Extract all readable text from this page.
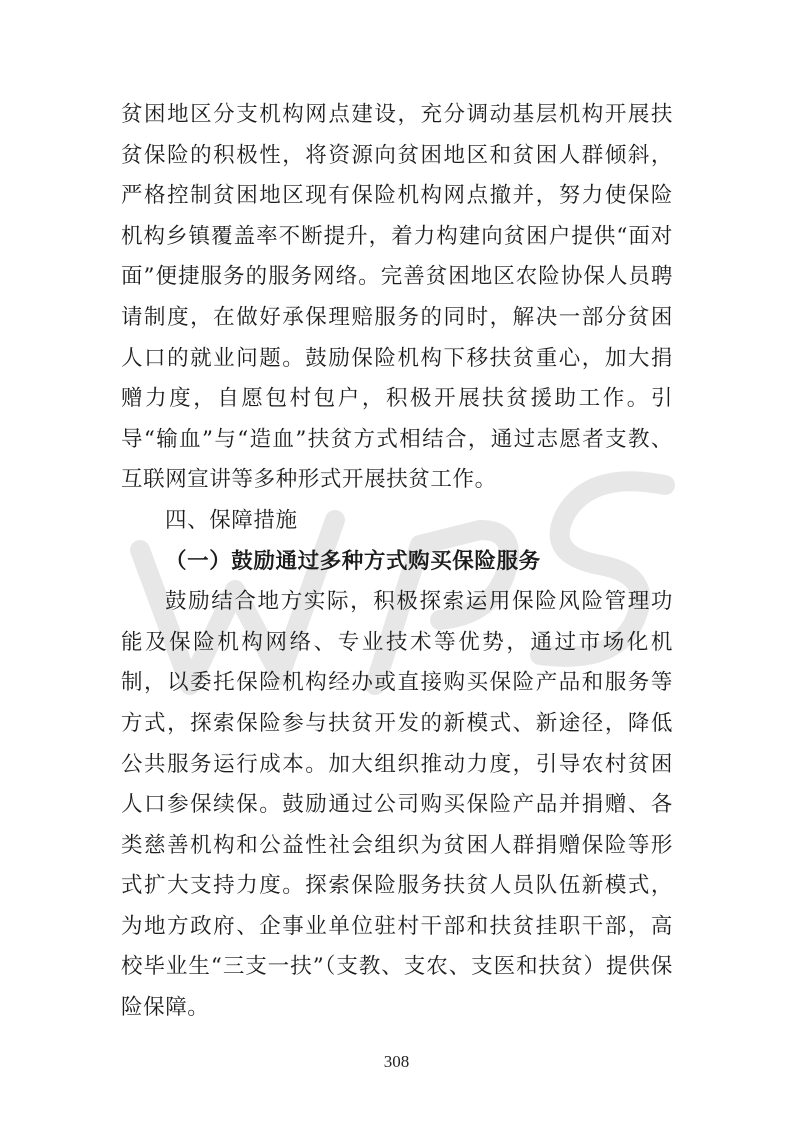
贫困地区分支机构网点建设，充分调动基层机构开展扶贫保险的积极性，将资源向贫困地区和贫困人群倾斜，严格控制贫困地区现有保险机构网点撤并，努力使保险机构乡镇覆盖率不断提升，着力构建向贫困户提供“面对面”便捷服务的服务网络。完善贫困地区农险协保人员聘请制度，在做好承保理赔服务的同时，解决一部分贫困人口的就业问题。鼓励保险机构下移扶贫重心，加大捐赠力度，自愿包村包户，积极开展扶贫援助工作。引导“输血”与“造血”扶贫方式相结合，通过志愿者支教、互联网宣讲等多种形式开展扶贫工作。

四、保障措施

（一）鼓励通过多种方式购买保险服务

鼓励结合地方实际，积极探索运用保险风险管理功能及保险机构网络、专业技术等优势，通过市场化机制，以委托保险机构经办或直接购买保险产品和服务等方式，探索保险参与扶贫开发的新模式、新途径，降低公共服务运行成本。加大组织推动力度，引导农村贫困人口参保续保。鼓励通过公司购买保险产品并捐赠、各类慈善机构和公益性社会组织为贫困人群捐赠保险等形式扩大支持力度。探索保险服务扶贫人员队伍新模式，为地方政府、企事业单位驻村干部和扶贫挂职干部，高校毕业生“三支一扶”（支教、支农、支医和扶贫）提供保险保障。

308
